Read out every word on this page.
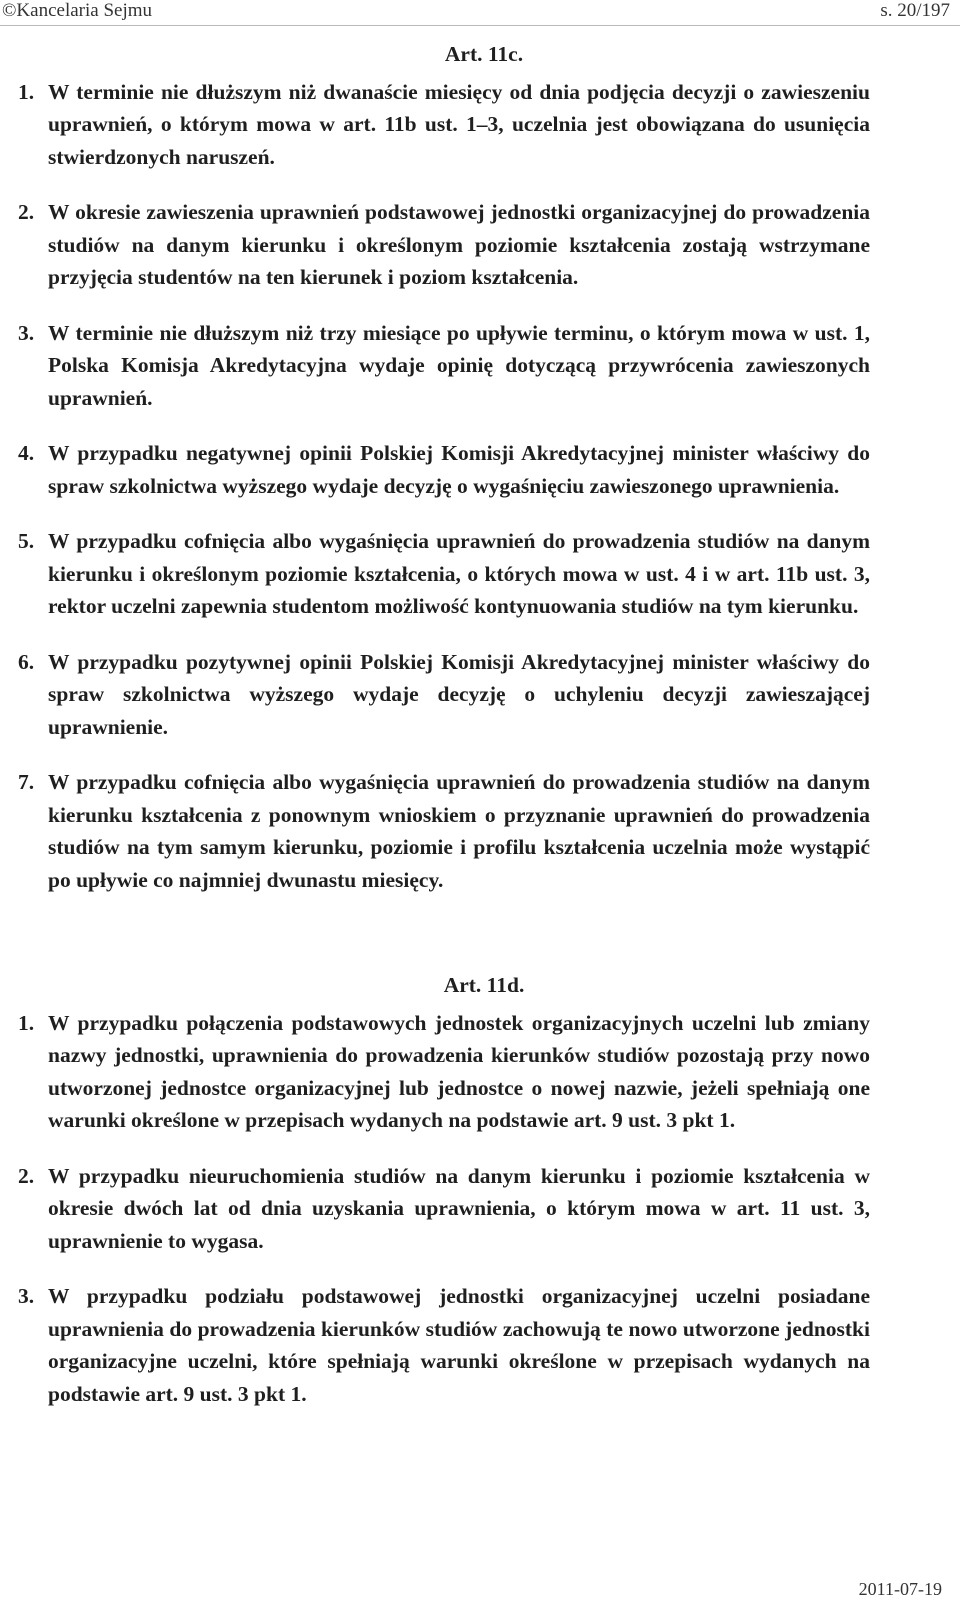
©Kancelaria Sejmu	s. 20/197
Art. 11c.
1. W terminie nie dłuższym niż dwanaście miesięcy od dnia podjęcia decyzji o zawieszeniu uprawnień, o którym mowa w art. 11b ust. 1–3, uczelnia jest obowiązana do usunięcia stwierdzonych naruszeń.
2. W okresie zawieszenia uprawnień podstawowej jednostki organizacyjnej do prowadzenia studiów na danym kierunku i określonym poziomie kształcenia zostają wstrzymane przyjęcia studentów na ten kierunek i poziom kształcenia.
3. W terminie nie dłuższym niż trzy miesiące po upływie terminu, o którym mowa w ust. 1, Polska Komisja Akredytacyjna wydaje opinię dotyczącą przywrócenia zawieszonych uprawnień.
4. W przypadku negatywnej opinii Polskiej Komisji Akredytacyjnej minister właściwy do spraw szkolnictwa wyższego wydaje decyzję o wygaśnięciu zawieszonego uprawnienia.
5. W przypadku cofnięcia albo wygaśnięcia uprawnień do prowadzenia studiów na danym kierunku i określonym poziomie kształcenia, o których mowa w ust. 4 i w art. 11b ust. 3, rektor uczelni zapewnia studentom możliwość kontynuowania studiów na tym kierunku.
6. W przypadku pozytywnej opinii Polskiej Komisji Akredytacyjnej minister właściwy do spraw szkolnictwa wyższego wydaje decyzję o uchyleniu decyzji zawieszającej uprawnienie.
7. W przypadku cofnięcia albo wygaśnięcia uprawnień do prowadzenia studiów na danym kierunku kształcenia z ponownym wnioskiem o przyznanie uprawnień do prowadzenia studiów na tym samym kierunku, poziomie i profilu kształcenia uczelnia może wystąpić po upływie co najmniej dwunastu miesięcy.
Art. 11d.
1. W przypadku połączenia podstawowych jednostek organizacyjnych uczelni lub zmiany nazwy jednostki, uprawnienia do prowadzenia kierunków studiów pozostają przy nowo utworzonej jednostce organizacyjnej lub jednostce o nowej nazwie, jeżeli spełniają one warunki określone w przepisach wydanych na podstawie art. 9 ust. 3 pkt 1.
2. W przypadku nieuruchomienia studiów na danym kierunku i poziomie kształcenia w okresie dwóch lat od dnia uzyskania uprawnienia, o którym mowa w art. 11 ust. 3, uprawnienie to wygasa.
3. W przypadku podziału podstawowej jednostki organizacyjnej uczelni posiadane uprawnienia do prowadzenia kierunków studiów zachowują te nowo utworzone jednostki organizacyjne uczelni, które spełniają warunki określone w przepisach wydanych na podstawie art. 9 ust. 3 pkt 1.
2011-07-19
